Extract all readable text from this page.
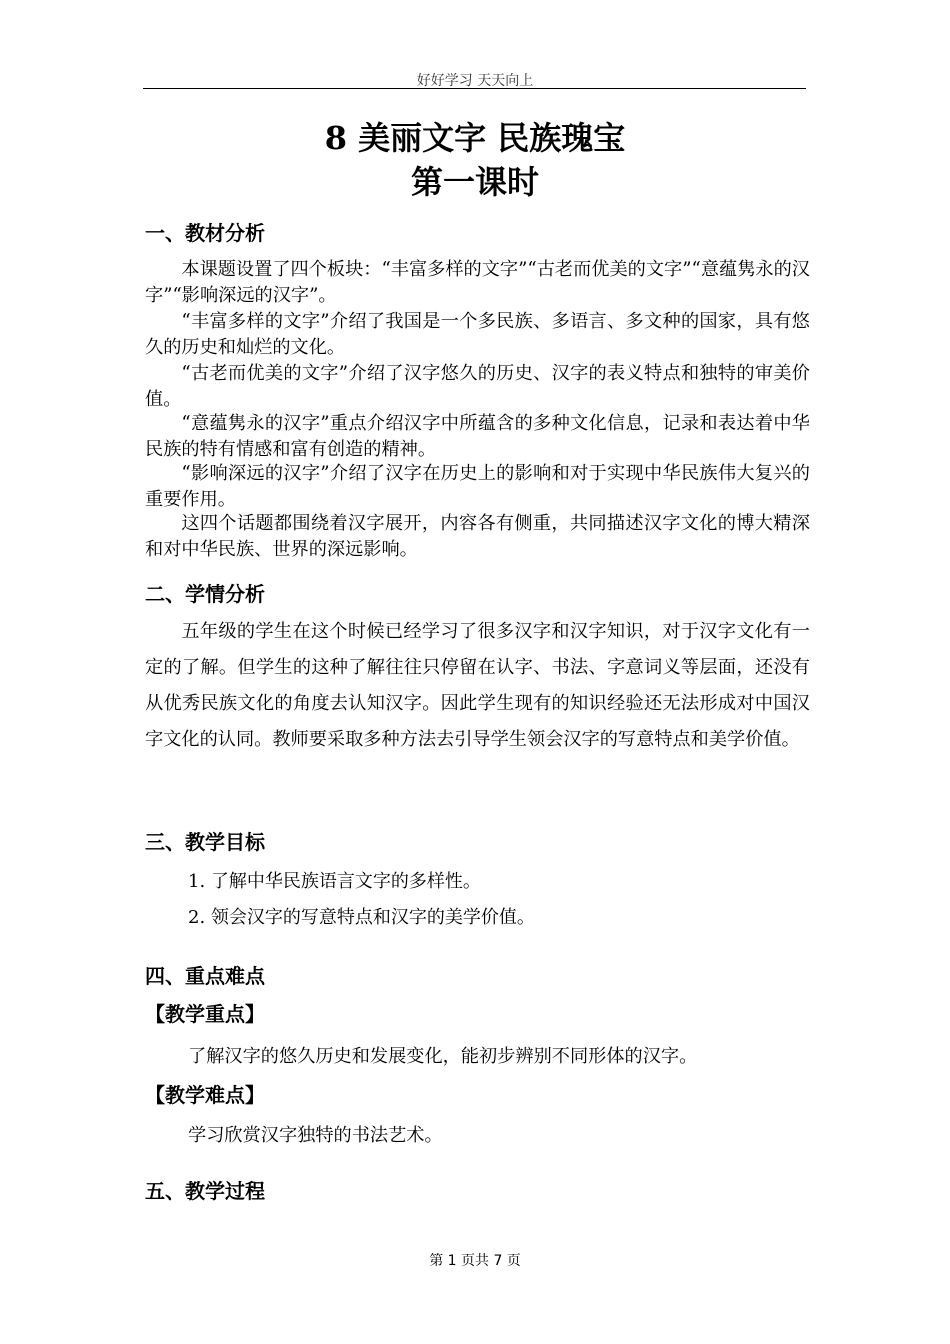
好好学习 天天向上
8 美丽文字 民族瑰宝
第一课时
一、教材分析

本课题设置了四个板块：“丰富多样的文字”“古老而优美的文字”“意蕴隽永的汉字”“影响深远的汉字”。

“丰富多样的文字”介绍了我国是一个多民族、多语言、多文种的国家，具有悠久的历史和灿烂的文化。

“古老而优美的文字”介绍了汉字悠久的历史、汉字的表义特点和独特的审美价值。

“意蕴隽永的汉字”重点介绍汉字中所蕴含的多种文化信息，记录和表达着中华民族的特有情感和富有创造的精神。

“影响深远的汉字”介绍了汉字在历史上的影响和对于实现中华民族伟大复兴的重要作用。

这四个话题都围绕着汉字展开，内容各有侧重，共同描述汉字文化的博大精深和对中华民族、世界的深远影响。

二、学情分析

五年级的学生在这个时候已经学习了很多汉字和汉字知识，对于汉字文化有一定的了解。但学生的这种了解往往只停留在认字、书法、字意词义等层面，还没有从优秀民族文化的角度去认知汉字。因此学生现有的知识经验还无法形成对中国汉字文化的认同。教师要采取多种方法去引导学生领会汉字的写意特点和美学价值。

三、教学目标
1. 了解中华民族语言文字的多样性。
2. 领会汉字的写意特点和汉字的美学价值。
四、重点难点
【教学重点】
了解汉字的悠久历史和发展变化，能初步辨别不同形体的汉字。
【教学难点】
学习欣赏汉字独特的书法艺术。
五、教学过程
第 1 页共 7 页
